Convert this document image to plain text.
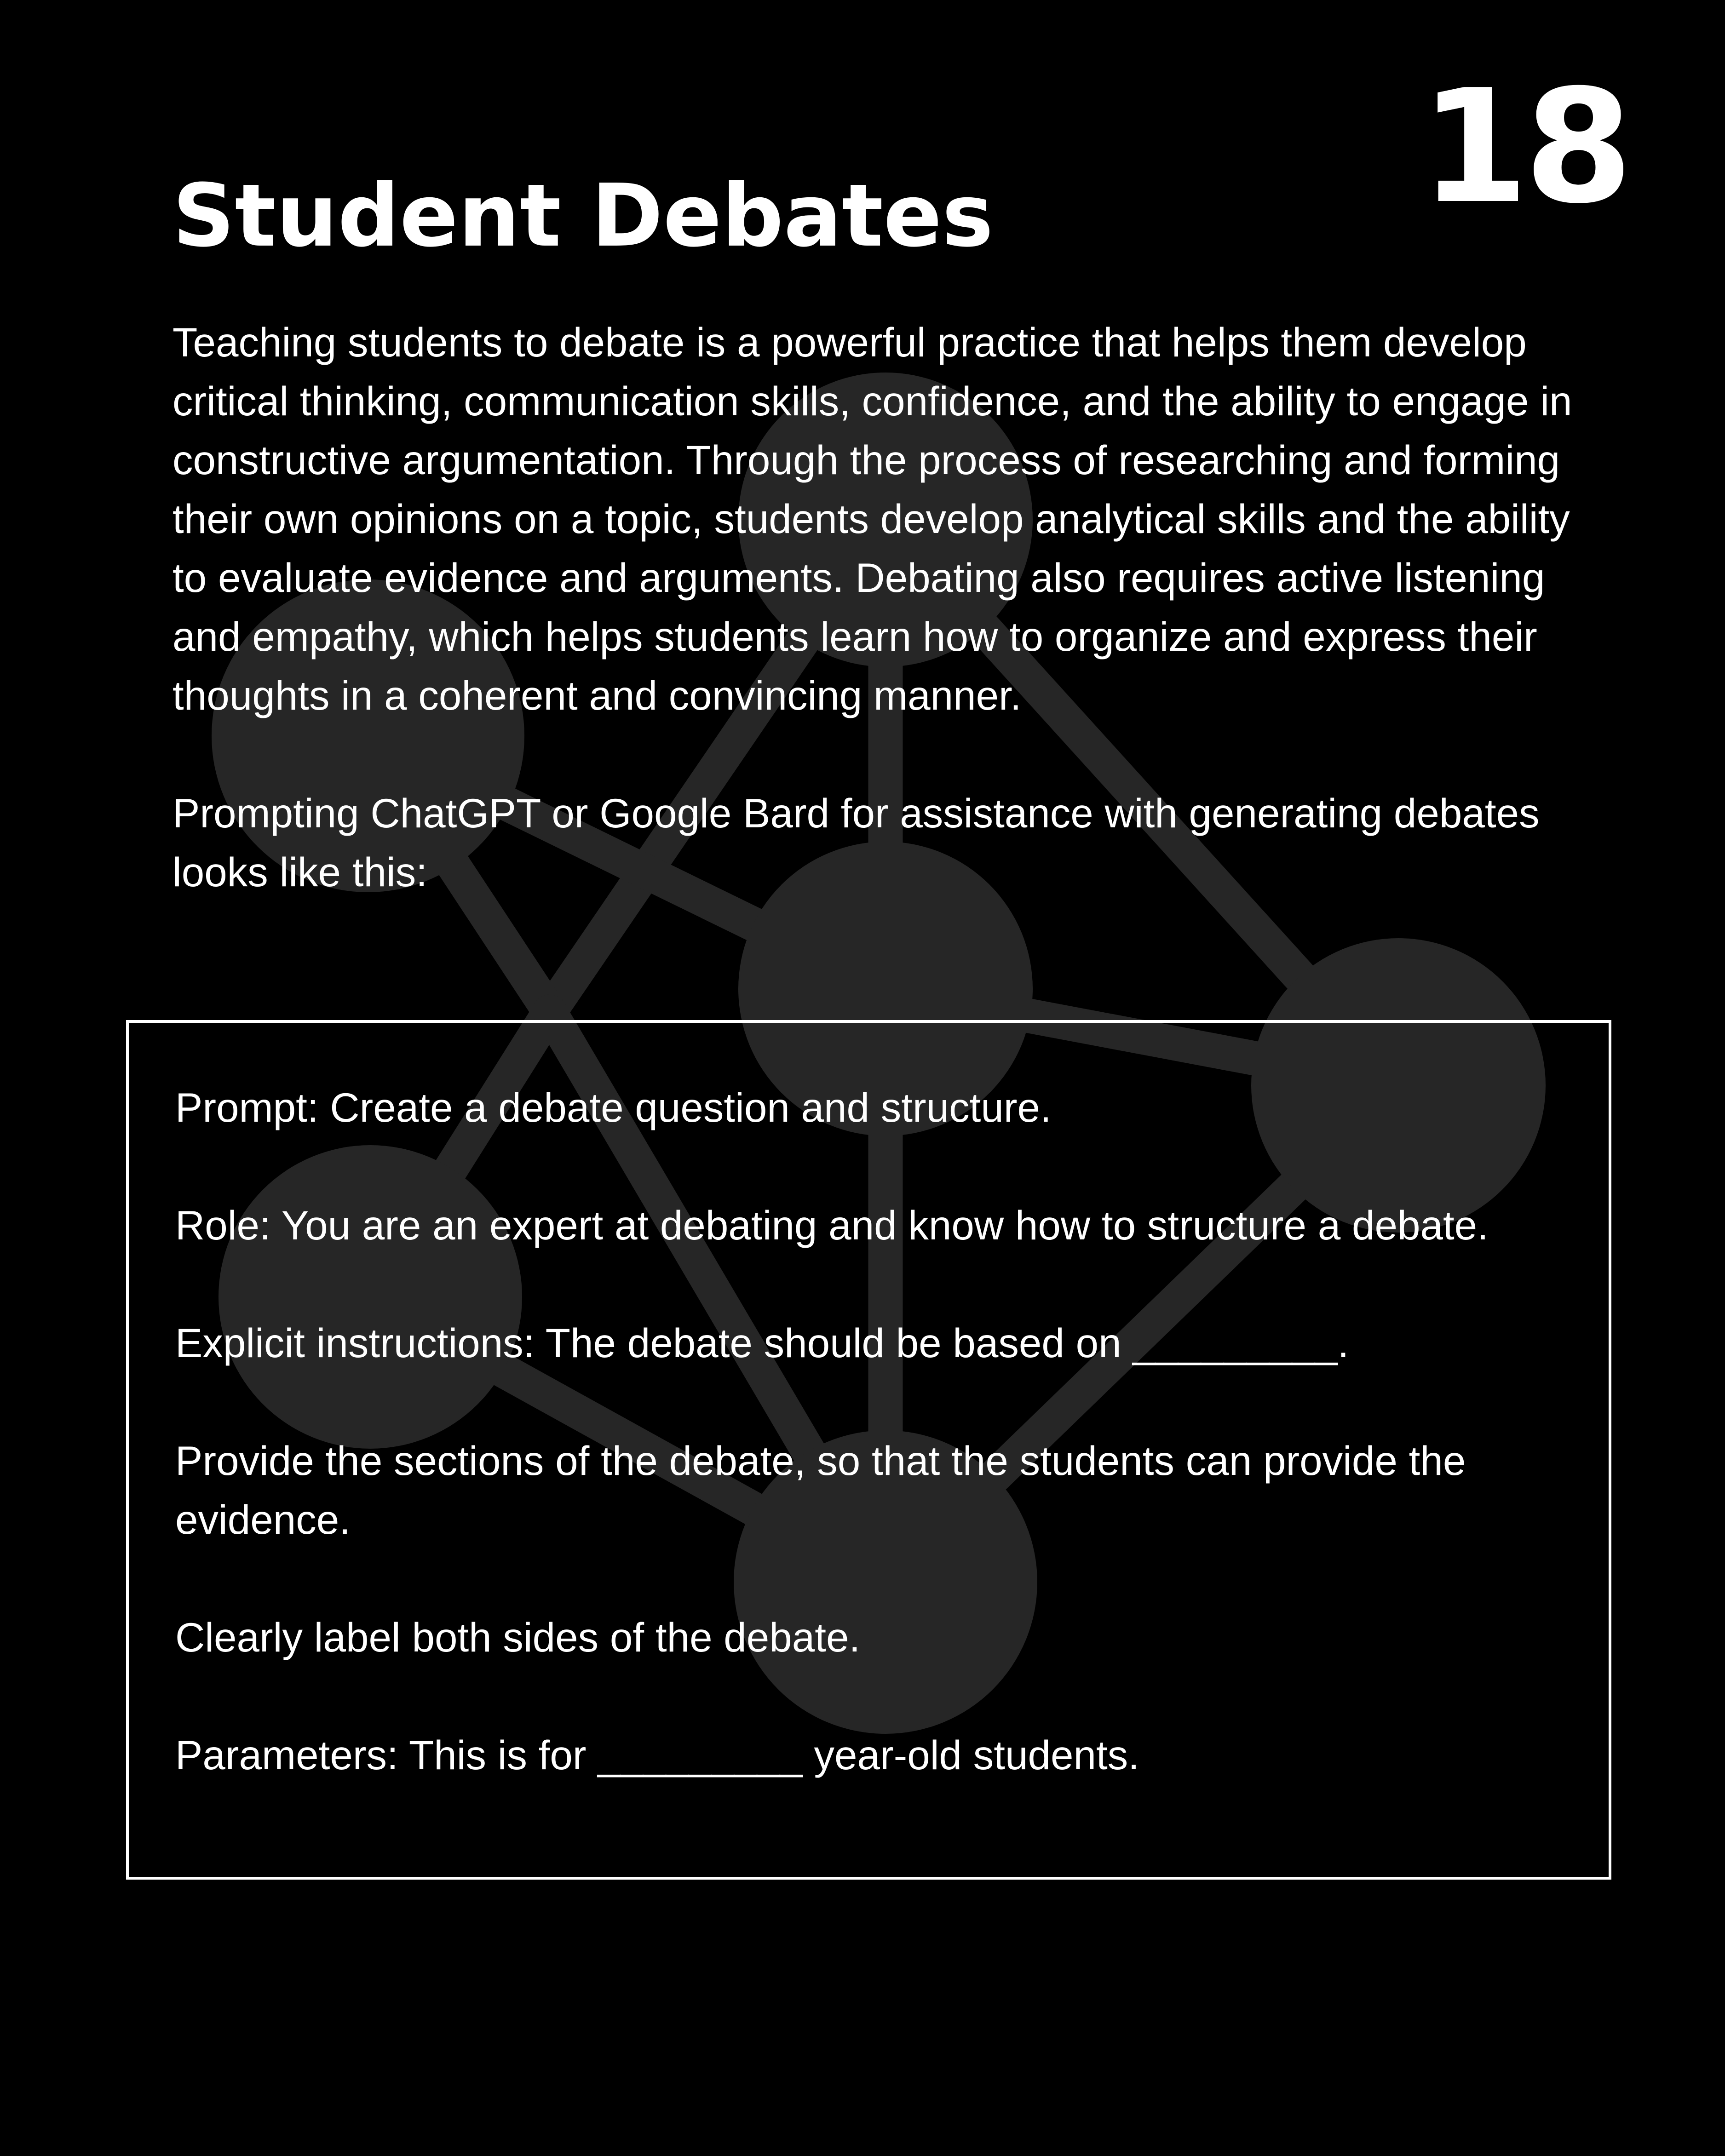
18
Student Debates

Teaching students to debate is a powerful practice that helps them develop critical thinking, communication skills, confidence, and the ability to engage in constructive argumentation. Through the process of researching and forming their own opinions on a topic, students develop analytical skills and the ability to evaluate evidence and arguments. Debating also requires active listening and empathy, which helps students learn how to organize and express their thoughts in a coherent and convincing manner.

Prompting ChatGPT or Google Bard for assistance with generating debates looks like this:

Prompt: Create a debate question and structure.

Role: You are an expert at debating and know how to structure a debate.

Explicit instructions: The debate should be based on _________.

Provide the sections of the debate, so that the students can provide the evidence.

Clearly label both sides of the debate.

Parameters: This is for _________ year-old students.
